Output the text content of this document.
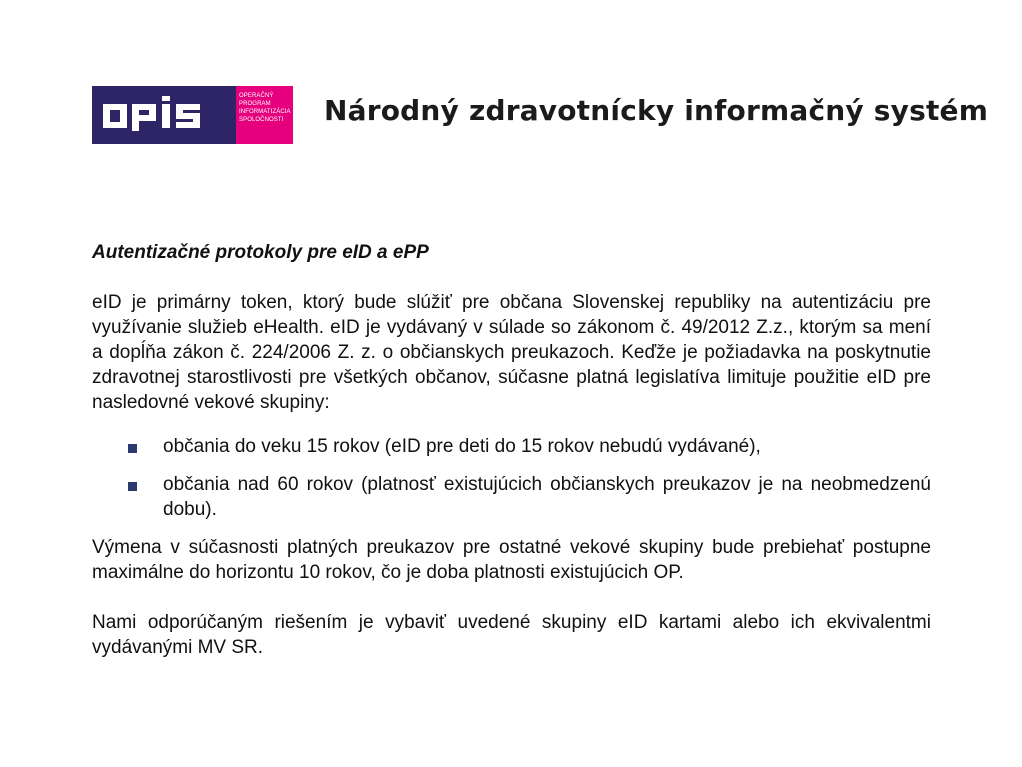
OPERAČNÝ
PROGRAM
INFORMATIZÁCIA
SPOLOČNOSTI	Národný zdravotnícky informačný systém
Autentizačné protokoly pre eID a ePP

eID je primárny token, ktorý bude slúžiť pre občana Slovenskej republiky na autentizáciu pre využívanie služieb eHealth. eID je vydávaný v súlade so zákonom č. 49/2012 Z.z., ktorým sa mení a dopĺňa zákon č. 224/2006 Z. z. o občianskych preukazoch. Keďže je požiadavka na poskytnutie zdravotnej starostlivosti pre všetkých občanov, súčasne platná legislatíva limituje použitie eID pre nasledovné vekové skupiny:

občania do veku 15 rokov (eID pre deti do 15 rokov nebudú vydávané),
občania nad 60 rokov (platnosť existujúcich občianskych preukazov je na neobmedzenú dobu).

Výmena v súčasnosti platných preukazov pre ostatné vekové skupiny bude prebiehať postupne maximálne do horizontu 10 rokov, čo je doba platnosti existujúcich OP.

Nami odporúčaným riešením je vybaviť uvedené skupiny eID kartami alebo ich ekvivalentmi vydávanými MV SR.
